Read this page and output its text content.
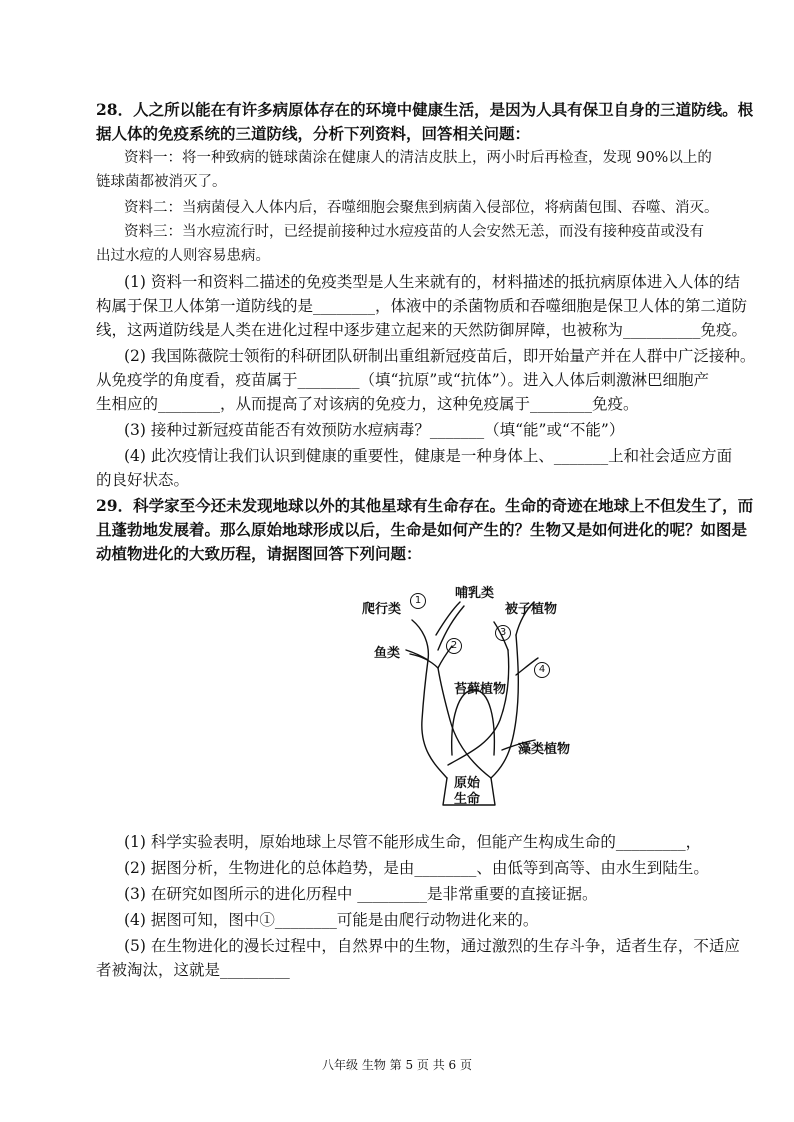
28．人之所以能在有许多病原体存在的环境中健康生活，是因为人具有保卫自身的三道防线。根
据人体的免疫系统的三道防线，分析下列资料，回答相关问题：
资料一：将一种致病的链球菌涂在健康人的清洁皮肤上，两小时后再检查，发现 90%以上的
链球菌都被消灭了。
资料二：当病菌侵入人体内后，吞噬细胞会聚焦到病菌入侵部位，将病菌包围、吞噬、消灭。
资料三：当水痘流行时，已经提前接种过水痘疫苗的人会安然无恙，而没有接种疫苗或没有
出过水痘的人则容易患病。
(1) 资料一和资料二描述的免疫类型是人生来就有的，材料描述的抵抗病原体进入人体的结
构属于保卫人体第一道防线的是________，体液中的杀菌物质和吞噬细胞是保卫人体的第二道防
线，这两道防线是人类在进化过程中逐步建立起来的天然防御屏障，也被称为__________免疫。
(2) 我国陈薇院士领衔的科研团队研制出重组新冠疫苗后，即开始量产并在人群中广泛接种。
从免疫学的角度看，疫苗属于________（填“抗原”或“抗体”）。进入人体后刺激淋巴细胞产
生相应的________，从而提高了对该病的免疫力，这种免疫属于________免疫。
(3) 接种过新冠疫苗能否有效预防水痘病毒？_______（填“能”或“不能”）
(4) 此次疫情让我们认识到健康的重要性，健康是一种身体上、_______上和社会适应方面
的良好状态。
29．科学家至今还未发现地球以外的其他星球有生命存在。生命的奇迹在地球上不但发生了，而
且蓬勃地发展着。那么原始地球形成以后，生命是如何产生的？生物又是如何进化的呢？如图是
动植物进化的大致历程，请据图回答下列问题：
爬行类
1	哺乳类
被子植物
鱼类
2
3
4
苔藓植物
藻类植物
原始
生命
(1) 科学实验表明，原始地球上尽管不能形成生命，但能产生构成生命的_________，
(2) 据图分析，生物进化的总体趋势，是由________、由低等到高等、由水生到陆生。
(3) 在研究如图所示的进化历程中 _________是非常重要的直接证据。
(4) 据图可知，图中①________可能是由爬行动物进化来的。
(5) 在生物进化的漫长过程中，自然界中的生物，通过激烈的生存斗争，适者生存，不适应
者被淘汰，这就是_________
八年级 生物 第 5 页 共 6 页
